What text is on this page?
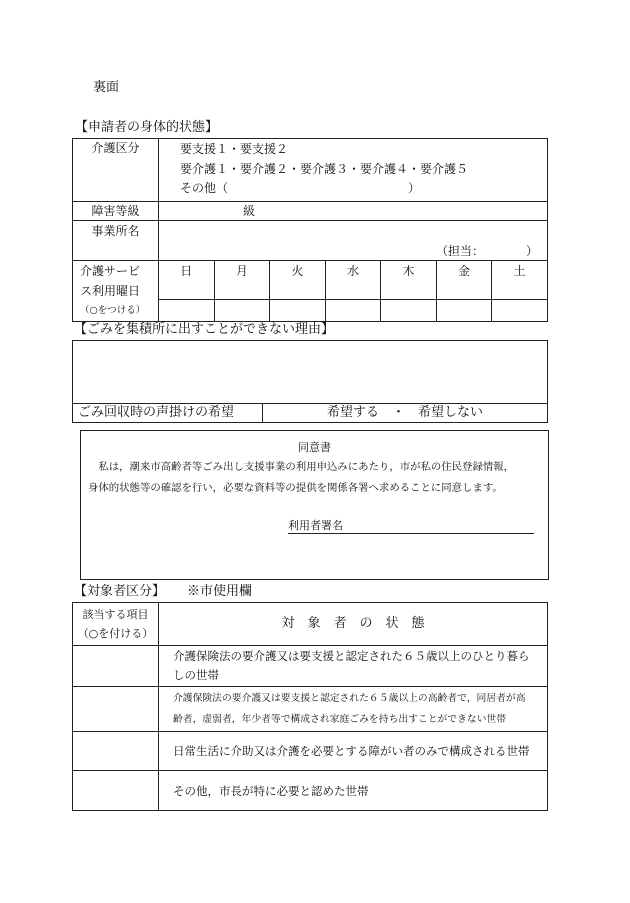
裏面
【申請者の身体的状態】
介護区分	要支援１・要支援２
要介護１・要介護２・要介護３・要介護４・要介護５
その他（　　　　　　　　　　　　　　　）						

障害等級	級						
事業所名	（担当：　　　　）						

介護サービ
ス利用曜日
（○をつける）	日	月	火	水	木	金	土

【ごみを集積所に出すことができない理由】

ごみ回収時の声掛けの希望	希望する　・　希望しない
同意書
　私は，潮来市高齢者等ごみ出し支援事業の利用申込みにあたり，市が私の住民登録情報，
身体的状態等の確認を行い，必要な資料等の提供を関係各署へ求めることに同意します。
利用者署名
【対象者区分】 ※市使用欄
該当する項目
（○を付ける）	対　象　者　の　状　態

	介護保険法の要介護又は要支援と認定された６５歳以上のひとり暮ら
しの世帯

	介護保険法の要介護又は要支援と認定された６５歳以上の高齢者で，同居者が高
齢者，虚弱者，年少者等で構成され家庭ごみを持ち出すことができない世帯

	日常生活に介助又は介護を必要とする障がい者のみで構成される世帯

	その他，市長が特に必要と認めた世帯
